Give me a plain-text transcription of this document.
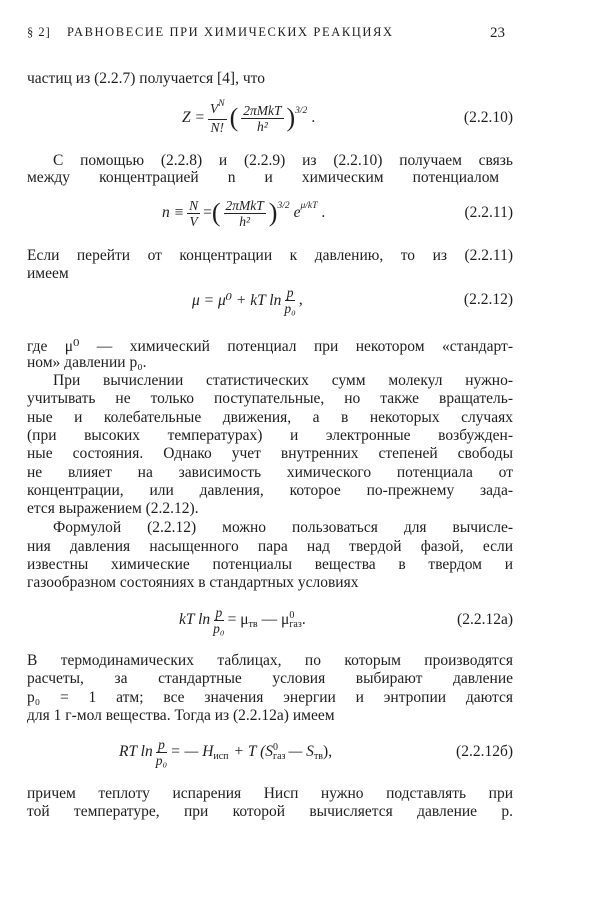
§ 2] РАВНОВЕСИЕ ПРИ ХИМИЧЕСКИХ РЕАКЦИЯХ	23
частиц из (2.2.7) получается [4], что
$Z = \frac{V^N}{N!}$ ( $\frac{\text{2πMkT}}{\text{h²}}$ ) 3/2 .	(2.2.10)
С помощью (2.2.8) и (2.2.9) из (2.2.10) получаем связь
между концентрацией n и химическим потенциалом
$n \equiv \frac{N}{V}$ = ( $\frac{\text{2πMkT}}{\text{h²}}$ ) 3/2 e μ/kT .	(2.2.11)
Если перейти от концентрации к давлению, то из (2.2.11)
имеем
μ = μ⁰ + kT $\ln \frac{p}{\text{p₀}}$ ,	(2.2.12)
где μ⁰ — химический потенциал при некотором «стандарт-
ном» давлении p₀.
При вычислении статистических сумм молекул нужно-
учитывать не только поступательные, но также вращатель-
ные и колебательные движения, а в некоторых случаях
(при высоких температурах) и электронные возбужден-
ные состояния. Однако учет внутренних степеней свободы
не влияет на зависимость химического потенциала от
концентрации, или давления, которое по-прежнему зада-
ется выражением (2.2.12).
Формулой (2.2.12) можно пользоваться для вычисле-
ния давления насыщенного пара над твердой фазой, если
известны химические потенциалы вещества в твердом и
газообразном состояниях в стандартных условиях
kT $\ln \frac{p}{\text{p₀}} = \mu$ тв — μ 0
газ .	(2.2.12а)
В термодинамических таблицах, по которым производятся
расчеты, за стандартные условия выбирают давление
p₀ = 1 атм; все значения энергии и энтропии даются
для 1 г-мол вещества. Тогда из (2.2.12а) имеем
RT $\ln \frac{p}{\text{p₀}}$ = — H исп + T (S 0
газ — S тв ),	(2.2.12б)
причем теплоту испарения Hисп нужно подставлять при
той температуре, при которой вычисляется давление p.
